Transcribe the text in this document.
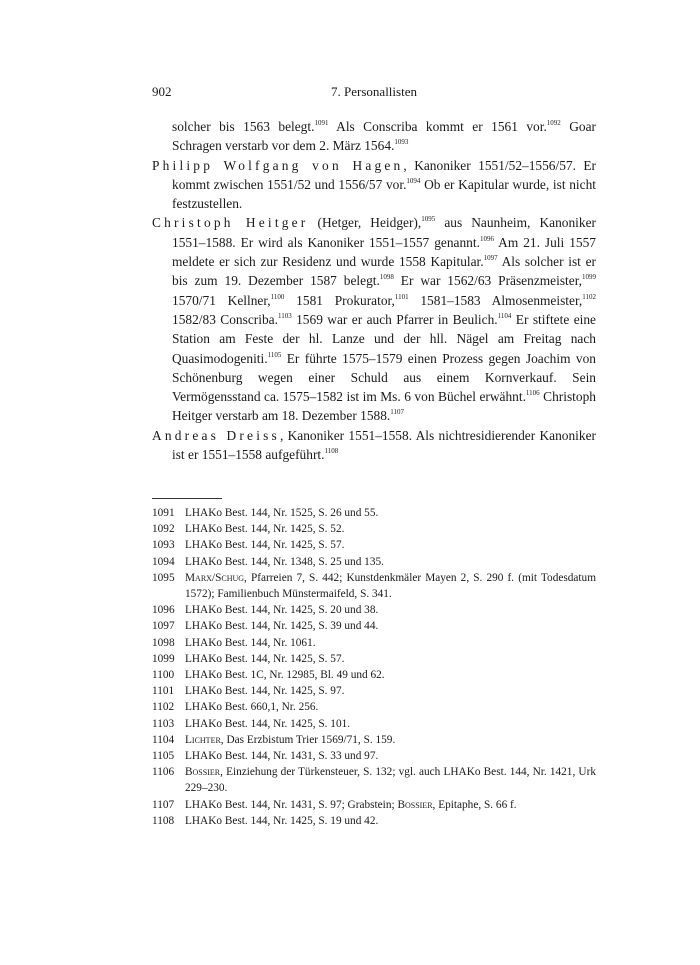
902	7. Personallisten

solcher bis 1563 belegt.$^{1091}$ Als Conscriba kommt er 1561 vor.$^{1092}$ Goar Schragen verstarb vor dem 2. März 1564.$^{1093}$

Philipp Wolfgang von Hagen, Kanoniker 1551/52–1556/57. Er kommt zwischen 1551/52 und 1556/57 vor.$^{1094}$ Ob er Kapitular wurde, ist nicht festzustellen.

Christoph Heitger (Hetger, Heidger),$^{1095}$ aus Naunheim, Kanoniker 1551–1588. Er wird als Kanoniker 1551–1557 genannt.$^{1096}$ Am 21. Juli 1557 meldete er sich zur Residenz und wurde 1558 Kapitular.$^{1097}$ Als solcher ist er bis zum 19. Dezember 1587 belegt.$^{1098}$ Er war 1562/63 Präsenzmeister,$^{1099}$ 1570/71 Kellner,$^{1100}$ 1581 Prokurator,$^{1101}$ 1581–1583 Almosenmeister,$^{1102}$ 1582/83 Conscriba.$^{1103}$ 1569 war er auch Pfarrer in Beulich.$^{1104}$ Er stiftete eine Station am Feste der hl. Lanze und der hll. Nägel am Freitag nach Quasimodogeniti.$^{1105}$ Er führte 1575–1579 einen Prozess gegen Joachim von Schönenburg wegen einer Schuld aus einem Kornverkauf. Sein Vermögensstand ca. 1575–1582 ist im Ms. 6 von Büchel erwähnt.$^{1106}$ Christoph Heitger verstarb am 18. Dezember 1588.$^{1107}$

Andreas Dreiss, Kanoniker 1551–1558. Als nichtresidierender Kanoniker ist er 1551–1558 aufgeführt.$^{1108}$

1091 LHAKo Best. 144, Nr. 1525, S. 26 und 55.
1092 LHAKo Best. 144, Nr. 1425, S. 52.
1093 LHAKo Best. 144, Nr. 1425, S. 57.
1094 LHAKo Best. 144, Nr. 1348, S. 25 und 135.
1095 Marx/Schug, Pfarreien 7, S. 442; Kunstdenkmäler Mayen 2, S. 290 f. (mit Todesdatum 1572); Familienbuch Münstermaifeld, S. 341.
1096 LHAKo Best. 144, Nr. 1425, S. 20 und 38.
1097 LHAKo Best. 144, Nr. 1425, S. 39 und 44.
1098 LHAKo Best. 144, Nr. 1061.
1099 LHAKo Best. 144, Nr. 1425, S. 57.
1100 LHAKo Best. 1C, Nr. 12985, Bl. 49 und 62.
1101 LHAKo Best. 144, Nr. 1425, S. 97.
1102 LHAKo Best. 660,1, Nr. 256.
1103 LHAKo Best. 144, Nr. 1425, S. 101.
1104 Lichter, Das Erzbistum Trier 1569/71, S. 159.
1105 LHAKo Best. 144, Nr. 1431, S. 33 und 97.
1106 Bossier, Einziehung der Türkensteuer, S. 132; vgl. auch LHAKo Best. 144, Nr. 1421, Urk 229–230.
1107 LHAKo Best. 144, Nr. 1431, S. 97; Grabstein; Bossier, Epitaphe, S. 66 f.
1108 LHAKo Best. 144, Nr. 1425, S. 19 und 42.
